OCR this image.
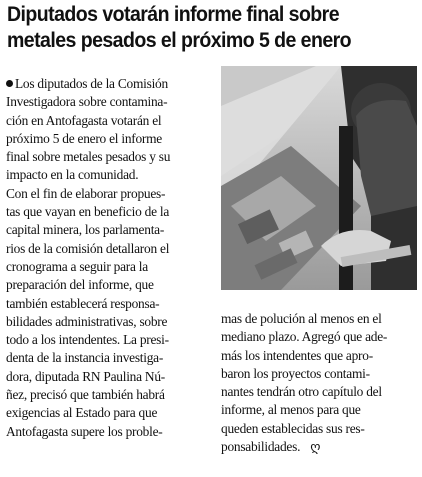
Diputados votarán informe final sobre
metales pesados el próximo 5 de enero
Los diputados de la Comisión
Investigadora sobre contamina-
ción en Antofagasta votarán el
próximo 5 de enero el informe
final sobre metales pesados y su
impacto en la comunidad.
Con el fin de elaborar propues-
tas que vayan en beneficio de la
capital minera, los parlamenta-
rios de la comisión detallaron el
cronograma a seguir para la
preparación del informe, que
también establecerá responsa-
bilidades administrativas, sobre
todo a los intendentes. La presi-
denta de la instancia investiga-
dora, diputada RN Paulina Nú-
ñez, precisó que también habrá
exigencias al Estado para que
Antofagasta supere los proble-
mas de polución al menos en el
mediano plazo. Agregó que ade-
más los intendentes que apro-
baron los proyectos contami-
nantes tendrán otro capítulo del
informe, al menos para que
queden establecidas sus res-
ponsabilidades. ღ
